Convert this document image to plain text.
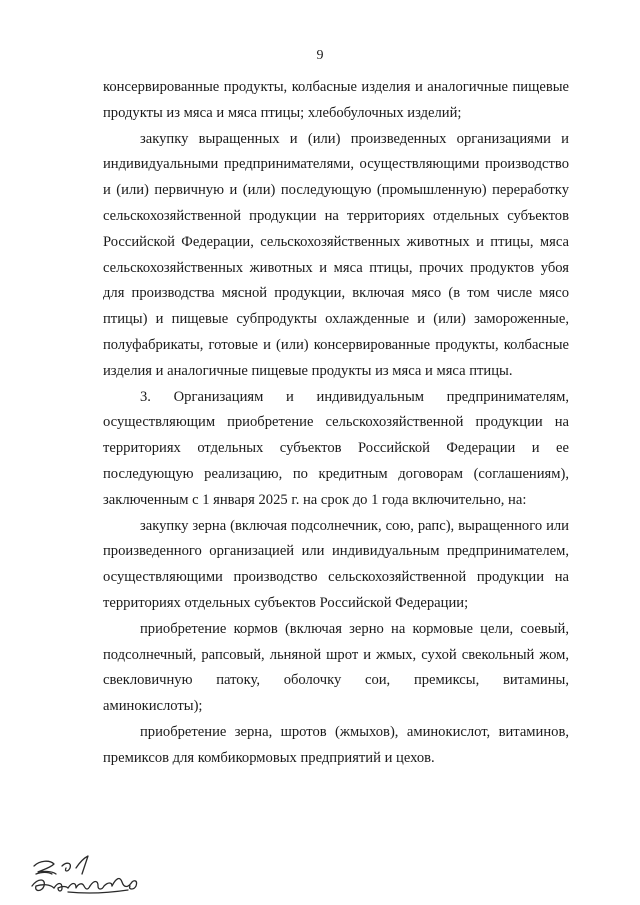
9

консервированные продукты, колбасные изделия и аналогичные пищевые продукты из мяса и мяса птицы; хлебобулочных изделий;

закупку выращенных и (или) произведенных организациями и индивидуальными предпринимателями, осуществляющими производство и (или) первичную и (или) последующую (промышленную) переработку сельскохозяйственной продукции на территориях отдельных субъектов Российской Федерации, сельскохозяйственных животных и птицы, мяса сельскохозяйственных животных и мяса птицы, прочих продуктов убоя для производства мясной продукции, включая мясо (в том числе мясо птицы) и пищевые субпродукты охлажденные и (или) замороженные, полуфабрикаты, готовые и (или) консервированные продукты, колбасные изделия и аналогичные пищевые продукты из мяса и мяса птицы.

3. Организациям и индивидуальным предпринимателям, осуществляющим приобретение сельскохозяйственной продукции на территориях отдельных субъектов Российской Федерации и ее последующую реализацию, по кредитным договорам (соглашениям), заключенным с 1 января 2025 г. на срок до 1 года включительно, на:

закупку зерна (включая подсолнечник, сою, рапс), выращенного или произведенного организацией или индивидуальным предпринимателем, осуществляющими производство сельскохозяйственной продукции на территориях отдельных субъектов Российской Федерации;

приобретение кормов (включая зерно на кормовые цели, соевый, подсолнечный, рапсовый, льняной шрот и жмых, сухой свекольный жом, свекловичную патоку, оболочку сои, премиксы, витамины, аминокислоты);

приобретение зерна, шротов (жмыхов), аминокислот, витаминов, премиксов для комбикормовых предприятий и цехов.
